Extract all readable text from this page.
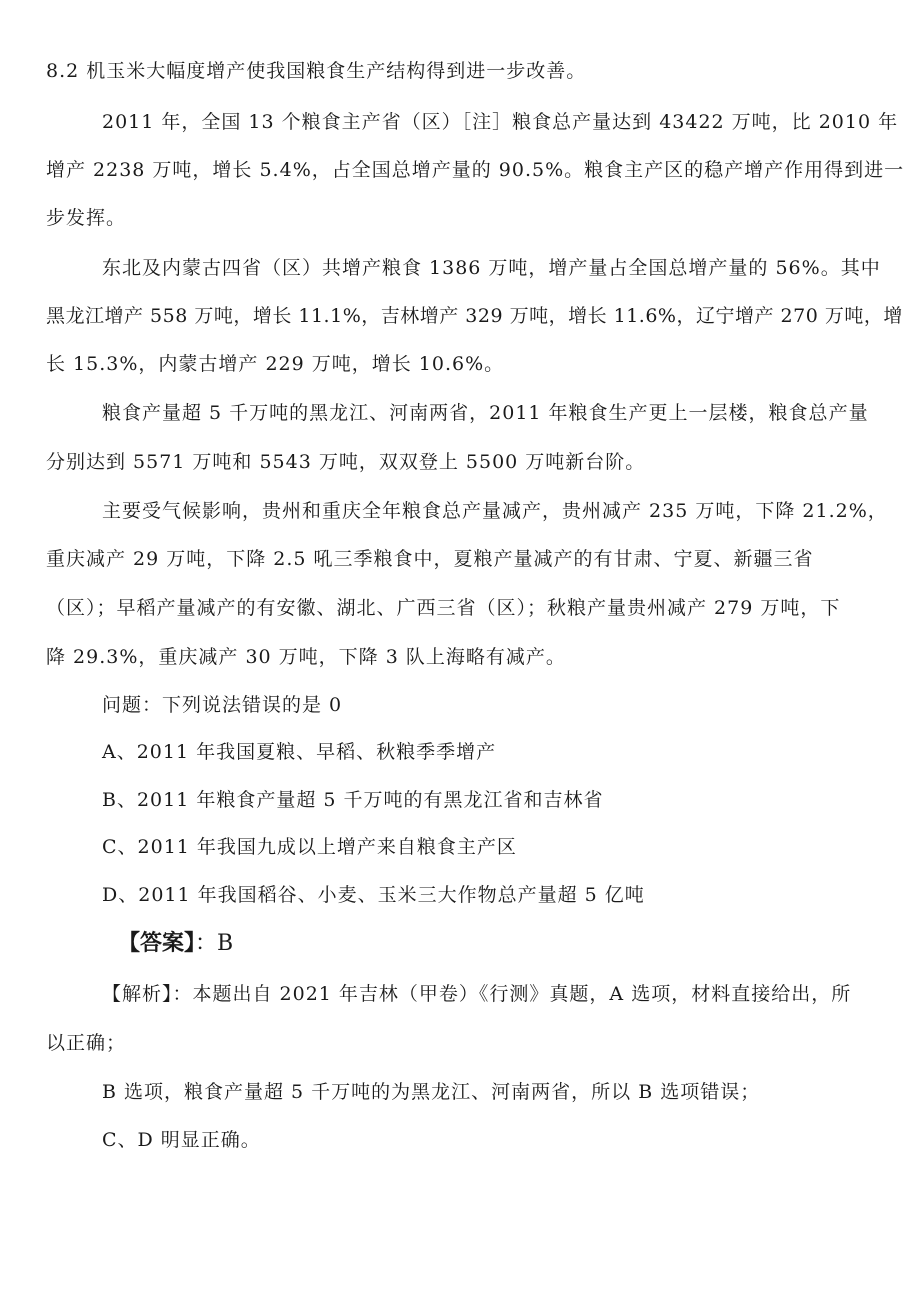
8.2 机玉米大幅度增产使我国粮食生产结构得到进一步改善。
2011 年，全国 13 个粮食主产省（区）［注］粮食总产量达到 43422 万吨，比 2010 年
增产 2238 万吨，增长 5.4%，占全国总增产量的 90.5%。粮食主产区的稳产增产作用得到进一
步发挥。
东北及内蒙古四省（区）共增产粮食 1386 万吨，增产量占全国总增产量的 56%。其中
黑龙江增产 558 万吨，增长 11.1%，吉林增产 329 万吨，增长 11.6%，辽宁增产 270 万吨，增
长 15.3%，内蒙古增产 229 万吨，增长 10.6%。
粮食产量超 5 千万吨的黑龙江、河南两省，2011 年粮食生产更上一层楼，粮食总产量
分别达到 5571 万吨和 5543 万吨，双双登上 5500 万吨新台阶。
主要受气候影响，贵州和重庆全年粮食总产量减产，贵州减产 235 万吨，下降 21.2%，
重庆减产 29 万吨，下降 2.5 吼三季粮食中，夏粮产量减产的有甘肃、宁夏、新疆三省
（区）；早稻产量减产的有安徽、湖北、广西三省（区）；秋粮产量贵州减产 279 万吨，下
降 29.3%，重庆减产 30 万吨，下降 3 队上海略有减产。
问题：下列说法错误的是 0
A、2011 年我国夏粮、早稻、秋粮季季增产
B、2011 年粮食产量超 5 千万吨的有黑龙江省和吉林省
C、2011 年我国九成以上增产来自粮食主产区
D、2011 年我国稻谷、小麦、玉米三大作物总产量超 5 亿吨
【答案】：B
【解析】：本题出自 2021 年吉林（甲卷）《行测》真题，A 选项，材料直接给出，所
以正确；
B 选项，粮食产量超 5 千万吨的为黑龙江、河南两省，所以 B 选项错误；
C、D 明显正确。
